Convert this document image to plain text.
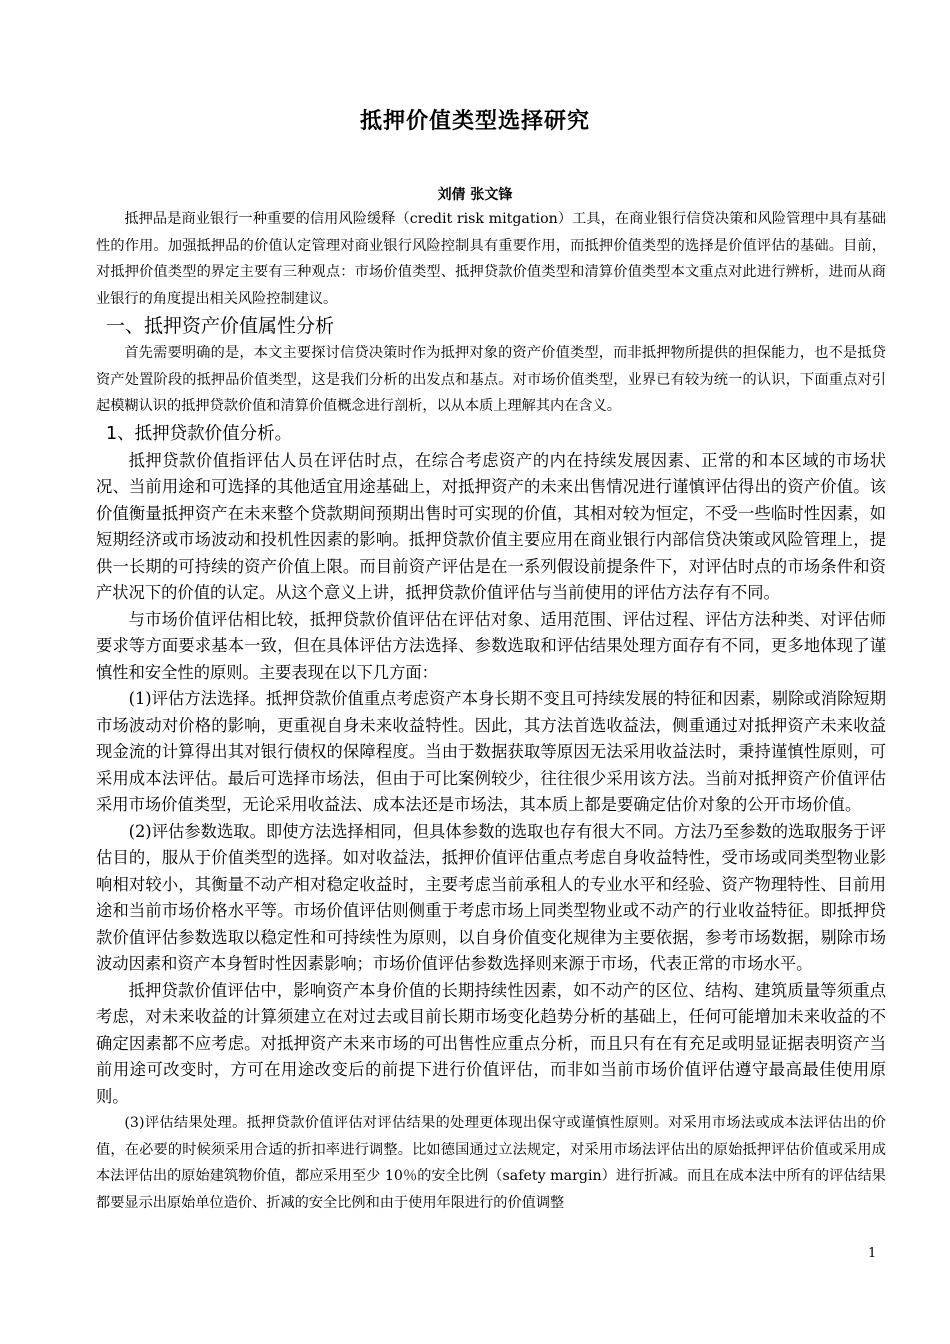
抵押价值类型选择研究
刘倩 张文锋

抵押品是商业银行一种重要的信用风险缓释（credit risk mitgation）工具，在商业银行信贷决策和风险管理中具有基础性的作用。加强抵押品的价值认定管理对商业银行风险控制具有重要作用，而抵押价值类型的选择是价值评估的基础。目前，对抵押价值类型的界定主要有三种观点：市场价值类型、抵押贷款价值类型和清算价值类型本文重点对此进行辨析，进而从商业银行的角度提出相关风险控制建议。

一、抵押资产价值属性分析

首先需要明确的是，本文主要探讨信贷决策时作为抵押对象的资产价值类型，而非抵押物所提供的担保能力，也不是抵贷资产处置阶段的抵押品价值类型，这是我们分析的出发点和基点。对市场价值类型，业界已有较为统一的认识，下面重点对引起模糊认识的抵押贷款价值和清算价值概念进行剖析，以从本质上理解其内在含义。

1、抵押贷款价值分析。

抵押贷款价值指评估人员在评估时点，在综合考虑资产的内在持续发展因素、正常的和本区域的市场状况、当前用途和可选择的其他适宜用途基础上，对抵押资产的未来出售情况进行谨慎评估得出的资产价值。该价值衡量抵押资产在未来整个贷款期间预期出售时可实现的价值，其相对较为恒定，不受一些临时性因素，如短期经济或市场波动和投机性因素的影响。抵押贷款价值主要应用在商业银行内部信贷决策或风险管理上，提供一长期的可持续的资产价值上限。而目前资产评估是在一系列假设前提条件下，对评估时点的市场条件和资产状况下的价值的认定。从这个意义上讲，抵押贷款价值评估与当前使用的评估方法存有不同。

与市场价值评估相比较，抵押贷款价值评估在评估对象、适用范围、评估过程、评估方法种类、对评估师要求等方面要求基本一致，但在具体评估方法选择、参数选取和评估结果处理方面存有不同，更多地体现了谨慎性和安全性的原则。主要表现在以下几方面：

(1)评估方法选择。抵押贷款价值重点考虑资产本身长期不变且可持续发展的特征和因素，剔除或消除短期市场波动对价格的影响，更重视自身未来收益特性。因此，其方法首选收益法，侧重通过对抵押资产未来收益现金流的计算得出其对银行债权的保障程度。当由于数据获取等原因无法采用收益法时，秉持谨慎性原则，可采用成本法评估。最后可选择市场法，但由于可比案例较少，往往很少采用该方法。当前对抵押资产价值评估采用市场价值类型，无论采用收益法、成本法还是市场法，其本质上都是要确定估价对象的公开市场价值。

(2)评估参数选取。即使方法选择相同，但具体参数的选取也存有很大不同。方法乃至参数的选取服务于评估目的，服从于价值类型的选择。如对收益法，抵押价值评估重点考虑自身收益特性，受市场或同类型物业影响相对较小，其衡量不动产相对稳定收益时，主要考虑当前承租人的专业水平和经验、资产物理特性、目前用途和当前市场价格水平等。市场价值评估则侧重于考虑市场上同类型物业或不动产的行业收益特征。即抵押贷款价值评估参数选取以稳定性和可持续性为原则，以自身价值变化规律为主要依据，参考市场数据，剔除市场波动因素和资产本身暂时性因素影响；市场价值评估参数选择则来源于市场，代表正常的市场水平。

抵押贷款价值评估中，影响资产本身价值的长期持续性因素，如不动产的区位、结构、建筑质量等须重点考虑，对未来收益的计算须建立在对过去或目前长期市场变化趋势分析的基础上，任何可能增加未来收益的不确定因素都不应考虑。对抵押资产未来市场的可出售性应重点分析，而且只有在有充足或明显证据表明资产当前用途可改变时，方可在用途改变后的前提下进行价值评估，而非如当前市场价值评估遵守最高最佳使用原则。

(3)评估结果处理。抵押贷款价值评估对评估结果的处理更体现出保守或谨慎性原则。对采用市场法或成本法评估出的价值，在必要的时候须采用合适的折扣率进行调整。比如德国通过立法规定，对采用市场法评估出的原始抵押评估价值或采用成本法评估出的原始建筑物价值，都应采用至少 10％的安全比例（safety margin）进行折减。而且在成本法中所有的评估结果都要显示出原始单位造价、折减的安全比例和由于使用年限进行的价值调整

1
